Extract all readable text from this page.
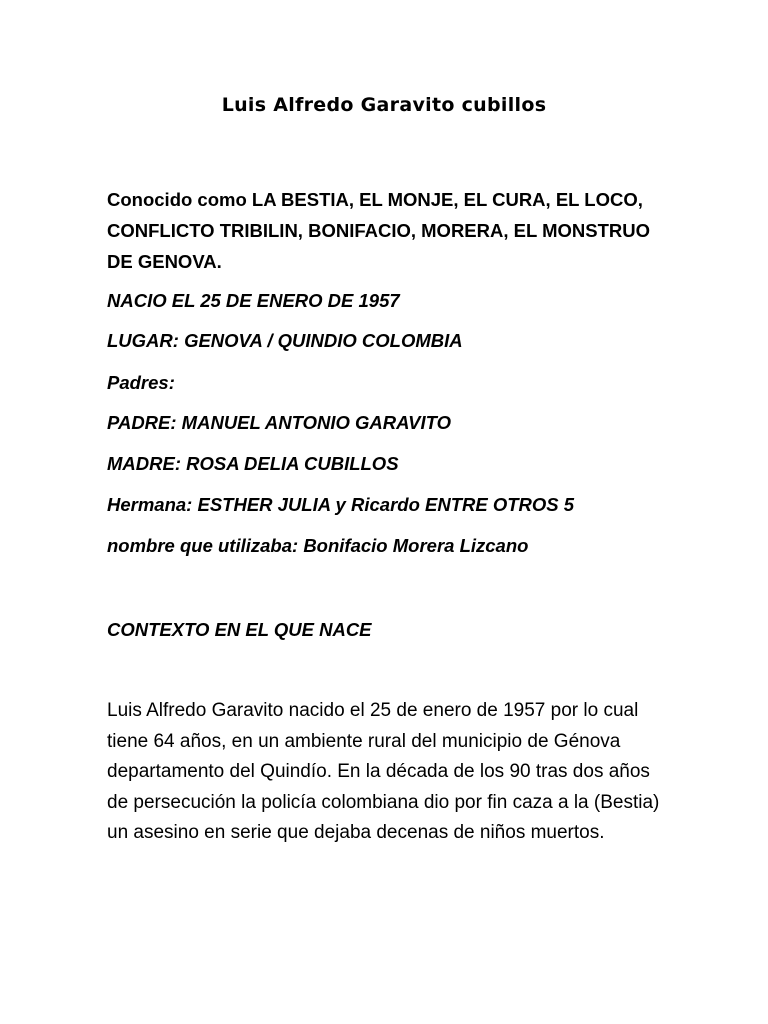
Luis Alfredo Garavito cubillos

Conocido como LA BESTIA, EL MONJE, EL CURA, EL LOCO, CONFLICTO TRIBILIN, BONIFACIO, MORERA, EL MONSTRUO DE GENOVA.

NACIO EL 25 DE ENERO DE 1957

LUGAR: GENOVA / QUINDIO COLOMBIA

Padres:

PADRE: MANUEL ANTONIO GARAVITO

MADRE: ROSA DELIA CUBILLOS

Hermana: ESTHER JULIA y Ricardo ENTRE OTROS 5

nombre que utilizaba: Bonifacio Morera Lizcano

CONTEXTO EN EL QUE NACE

Luis Alfredo Garavito nacido el 25 de enero de 1957 por lo cual tiene 64 años, en un ambiente rural del municipio de Génova departamento del Quindío. En la década de los 90 tras dos años de persecución la policía colombiana dio por fin caza a la (Bestia) un asesino en serie que dejaba decenas de niños muertos.
